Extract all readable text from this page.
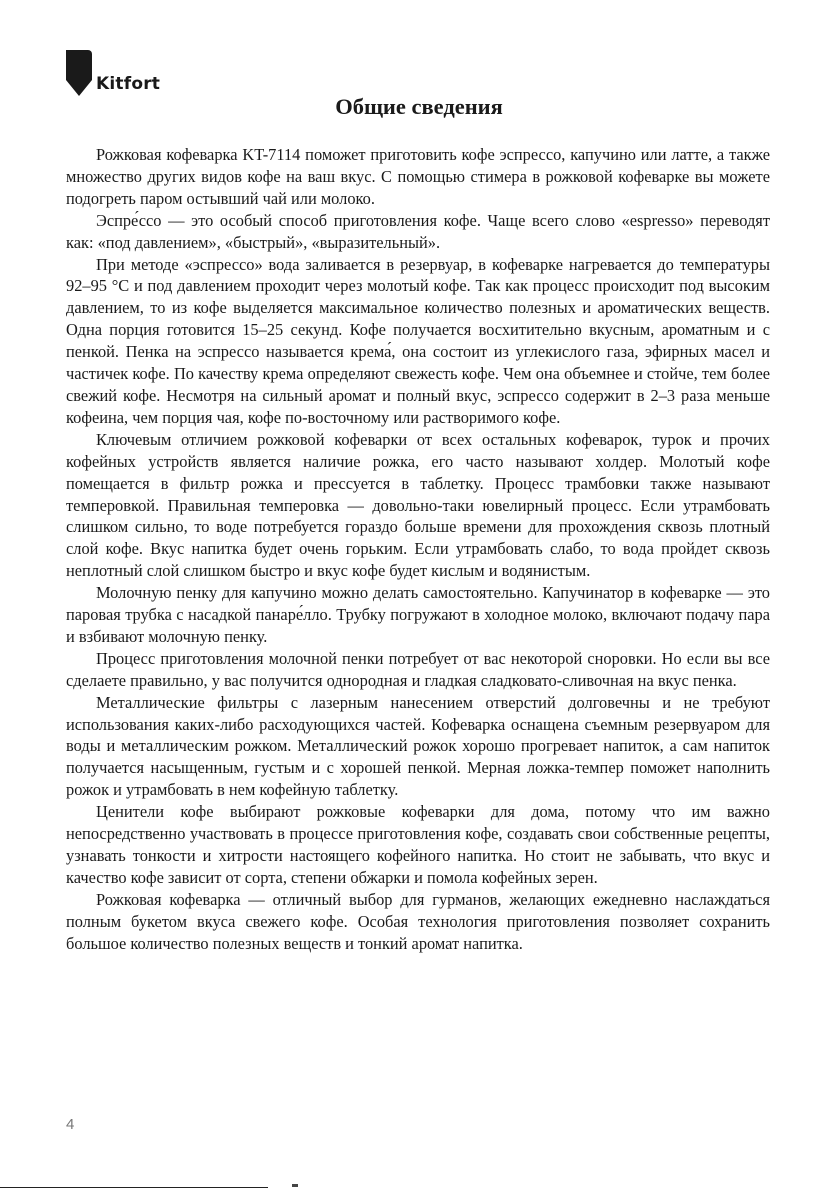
Kitfort
Общие сведения

Рожковая кофеварка KT-7114 поможет приготовить кофе эспрессо, капучино или латте, а также множество других видов кофе на ваш вкус. С помощью стимера в рожковой кофеварке вы можете подогреть паром остывший чай или молоко.

Эспре́ссо — это особый способ приготовления кофе. Чаще всего слово «espresso» переводят как: «под давлением», «быстрый», «выразительный».

При методе «эспрессо» вода заливается в резервуар, в кофеварке нагревается до температуры 92–95 °С и под давлением проходит через молотый кофе. Так как процесс происходит под высоким давлением, то из кофе выделяется максимальное количество полезных и ароматических веществ. Одна порция готовится 15–25 секунд. Кофе получается восхитительно вкусным, ароматным и с пенкой. Пенка на эспрессо называется крема́, она состоит из углекислого газа, эфирных масел и частичек кофе. По качеству крема определяют свежесть кофе. Чем она объемнее и стойче, тем более свежий кофе. Несмотря на сильный аромат и полный вкус, эспрессо содержит в 2–3 раза меньше кофеина, чем порция чая, кофе по-восточному или растворимого кофе.

Ключевым отличием рожковой кофеварки от всех остальных кофеварок, турок и прочих кофейных устройств является наличие рожка, его часто называют холдер. Молотый кофе помещается в фильтр рожка и прессуется в таблетку. Процесс трамбовки также называют темперовкой. Правильная темперовка — довольно-таки ювелирный процесс. Если утрамбовать слишком сильно, то воде потребуется гораздо больше времени для прохождения сквозь плотный слой кофе. Вкус напитка будет очень горьким. Если утрамбовать слабо, то вода пройдет сквозь неплотный слой слишком быстро и вкус кофе будет кислым и водянистым.

Молочную пенку для капучино можно делать самостоятельно. Капучинатор в кофеварке — это паровая трубка с насадкой панаре́лло. Трубку погружают в холодное молоко, включают подачу пара и взбивают молочную пенку.

Процесс приготовления молочной пенки потребует от вас некоторой сноровки. Но если вы все сделаете правильно, у вас получится однородная и гладкая сладковато-сливочная на вкус пенка.

Металлические фильтры с лазерным нанесением отверстий долговечны и не требуют использования каких-либо расходующихся частей. Кофеварка оснащена съемным резервуаром для воды и металлическим рожком. Металлический рожок хорошо прогревает напиток, а сам напиток получается насыщенным, густым и с хорошей пенкой. Мерная ложка-темпер поможет наполнить рожок и утрамбовать в нем кофейную таблетку.

Ценители кофе выбирают рожковые кофеварки для дома, потому что им важно непосредственно участвовать в процессе приготовления кофе, создавать свои собственные рецепты, узнавать тонкости и хитрости настоящего кофейного напитка. Но стоит не забывать, что вкус и качество кофе зависит от сорта, степени обжарки и помола кофейных зерен.

Рожковая кофеварка — отличный выбор для гурманов, желающих ежедневно наслаждаться полным букетом вкуса свежего кофе. Особая технология приготовления позволяет сохранить большое количество полезных веществ и тонкий аромат напитка.

4
